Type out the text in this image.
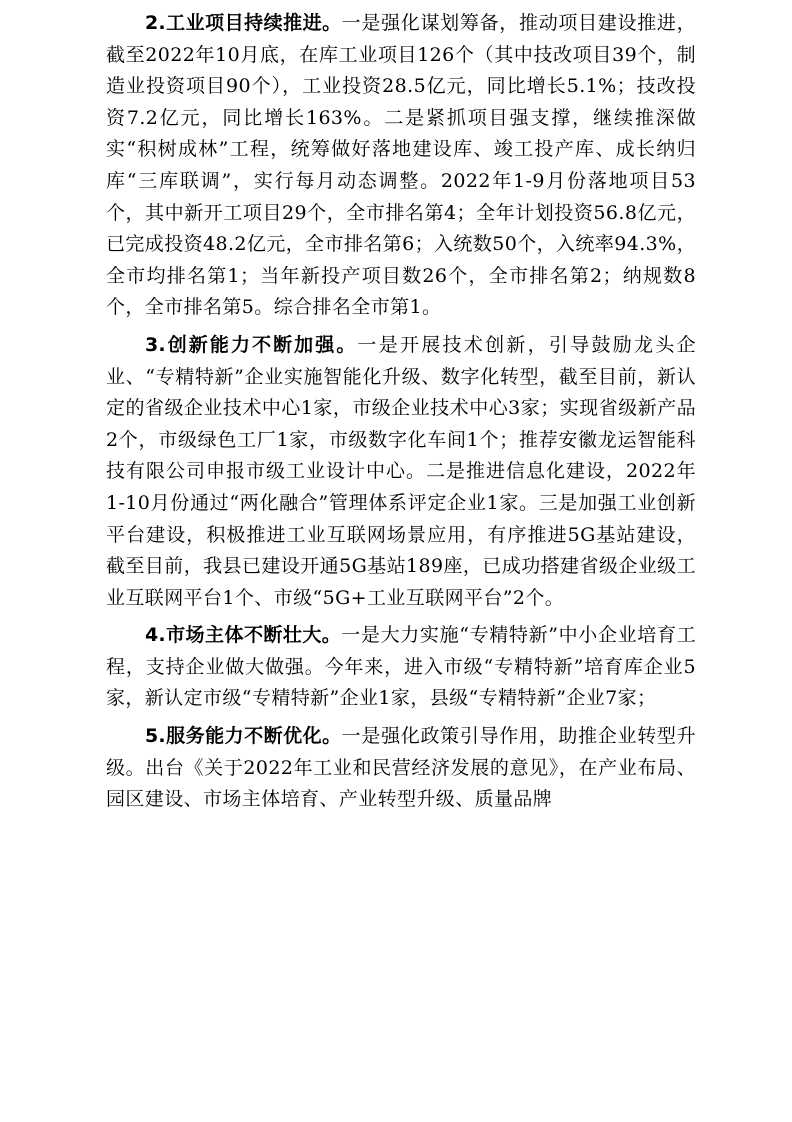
2.工业项目持续推进。一是强化谋划筹备，推动项目建设推进，截至2022年10月底，在库工业项目126个（其中技改项目39个，制造业投资项目90个），工业投资28.5亿元，同比增长5.1%；技改投资7.2亿元，同比增长163%。二是紧抓项目强支撑，继续推深做实“积树成林”工程，统筹做好落地建设库、竣工投产库、成长纳归库“三库联调”，实行每月动态调整。2022年1-9月份落地项目53个，其中新开工项目29个，全市排名第4；全年计划投资56.8亿元，已完成投资48.2亿元，全市排名第6；入统数50个，入统率94.3%，全市均排名第1；当年新投产项目数26个，全市排名第2；纳规数8个，全市排名第5。综合排名全市第1。

3.创新能力不断加强。一是开展技术创新，引导鼓励龙头企业、“专精特新”企业实施智能化升级、数字化转型，截至目前，新认定的省级企业技术中心1家，市级企业技术中心3家；实现省级新产品2个，市级绿色工厂1家，市级数字化车间1个；推荐安徽龙运智能科技有限公司申报市级工业设计中心。二是推进信息化建设，2022年1-10月份通过“两化融合”管理体系评定企业1家。三是加强工业创新平台建设，积极推进工业互联网场景应用，有序推进5G基站建设，截至目前，我县已建设开通5G基站189座，已成功搭建省级企业级工业互联网平台1个、市级“5G+工业互联网平台”2个。

4.市场主体不断壮大。一是大力实施“专精特新”中小企业培育工程，支持企业做大做强。今年来，进入市级“专精特新”培育库企业5家，新认定市级“专精特新”企业1家，县级“专精特新”企业7家；

5.服务能力不断优化。一是强化政策引导作用，助推企业转型升级。出台《关于2022年工业和民营经济发展的意见》，在产业布局、园区建设、市场主体培育、产业转型升级、质量品牌
